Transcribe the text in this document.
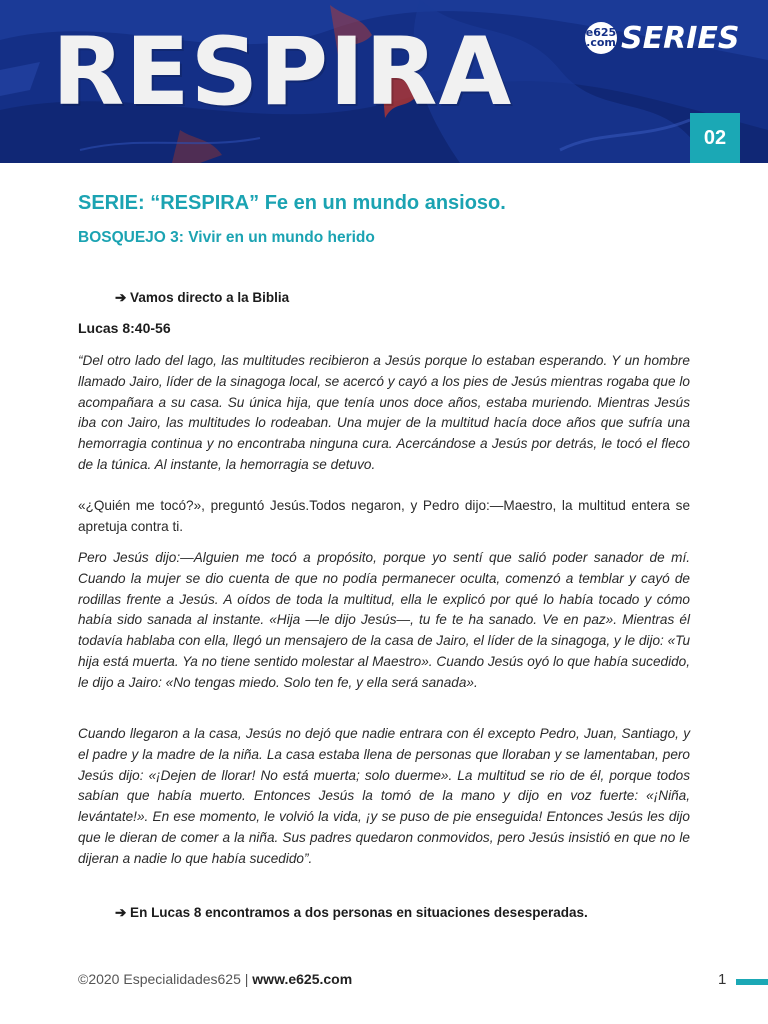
RESPIRA	e625 .com SERIES
02
SERIE: “RESPIRA” Fe en un mundo ansioso.
BOSQUEJO 3: Vivir en un mundo herido
➔ Vamos directo a la Biblia
Lucas 8:40-56

“Del otro lado del lago, las multitudes recibieron a Jesús porque lo estaban esperando. Y un hombre llamado Jairo, líder de la sinagoga local, se acercó y cayó a los pies de Jesús mientras rogaba que lo acompañara a su casa. Su única hija, que tenía unos doce años, estaba muriendo. Mientras Jesús iba con Jairo, las multitudes lo rodeaban. Una mujer de la multitud hacía doce años que sufría una hemorragia continua y no encontraba ninguna cura. Acercándose a Jesús por detrás, le tocó el fleco de la túnica. Al instante, la hemorragia se detuvo.

«¿Quién me tocó?», preguntó Jesús.Todos negaron, y Pedro dijo:—Maestro, la multitud entera se apretuja contra ti.

Pero Jesús dijo:—Alguien me tocó a propósito, porque yo sentí que salió poder sanador de mí. Cuando la mujer se dio cuenta de que no podía permanecer oculta, comenzó a temblar y cayó de rodillas frente a Jesús. A oídos de toda la multitud, ella le explicó por qué lo había tocado y cómo había sido sanada al instante. «Hija —le dijo Jesús—, tu fe te ha sanado. Ve en paz». Mientras él todavía hablaba con ella, llegó un mensajero de la casa de Jairo, el líder de la sinagoga, y le dijo: «Tu hija está muerta. Ya no tiene sentido molestar al Maestro». Cuando Jesús oyó lo que había sucedido, le dijo a Jairo: «No tengas miedo. Solo ten fe, y ella será sanada».

Cuando llegaron a la casa, Jesús no dejó que nadie entrara con él excepto Pedro, Juan, Santiago, y el padre y la madre de la niña. La casa estaba llena de personas que lloraban y se lamentaban, pero Jesús dijo: «¡Dejen de llorar! No está muerta; solo duerme». La multitud se rio de él, porque todos sabían que había muerto. Entonces Jesús la tomó de la mano y dijo en voz fuerte: «¡Niña, levántate!». En ese momento, le volvió la vida, ¡y se puso de pie enseguida! Entonces Jesús les dijo que le dieran de comer a la niña. Sus padres quedaron conmovidos, pero Jesús insistió en que no le dijeran a nadie lo que había sucedido”.

➔ En Lucas 8 encontramos a dos personas en situaciones desesperadas.
©2020 Especialidades625 | www.e625.com	1
